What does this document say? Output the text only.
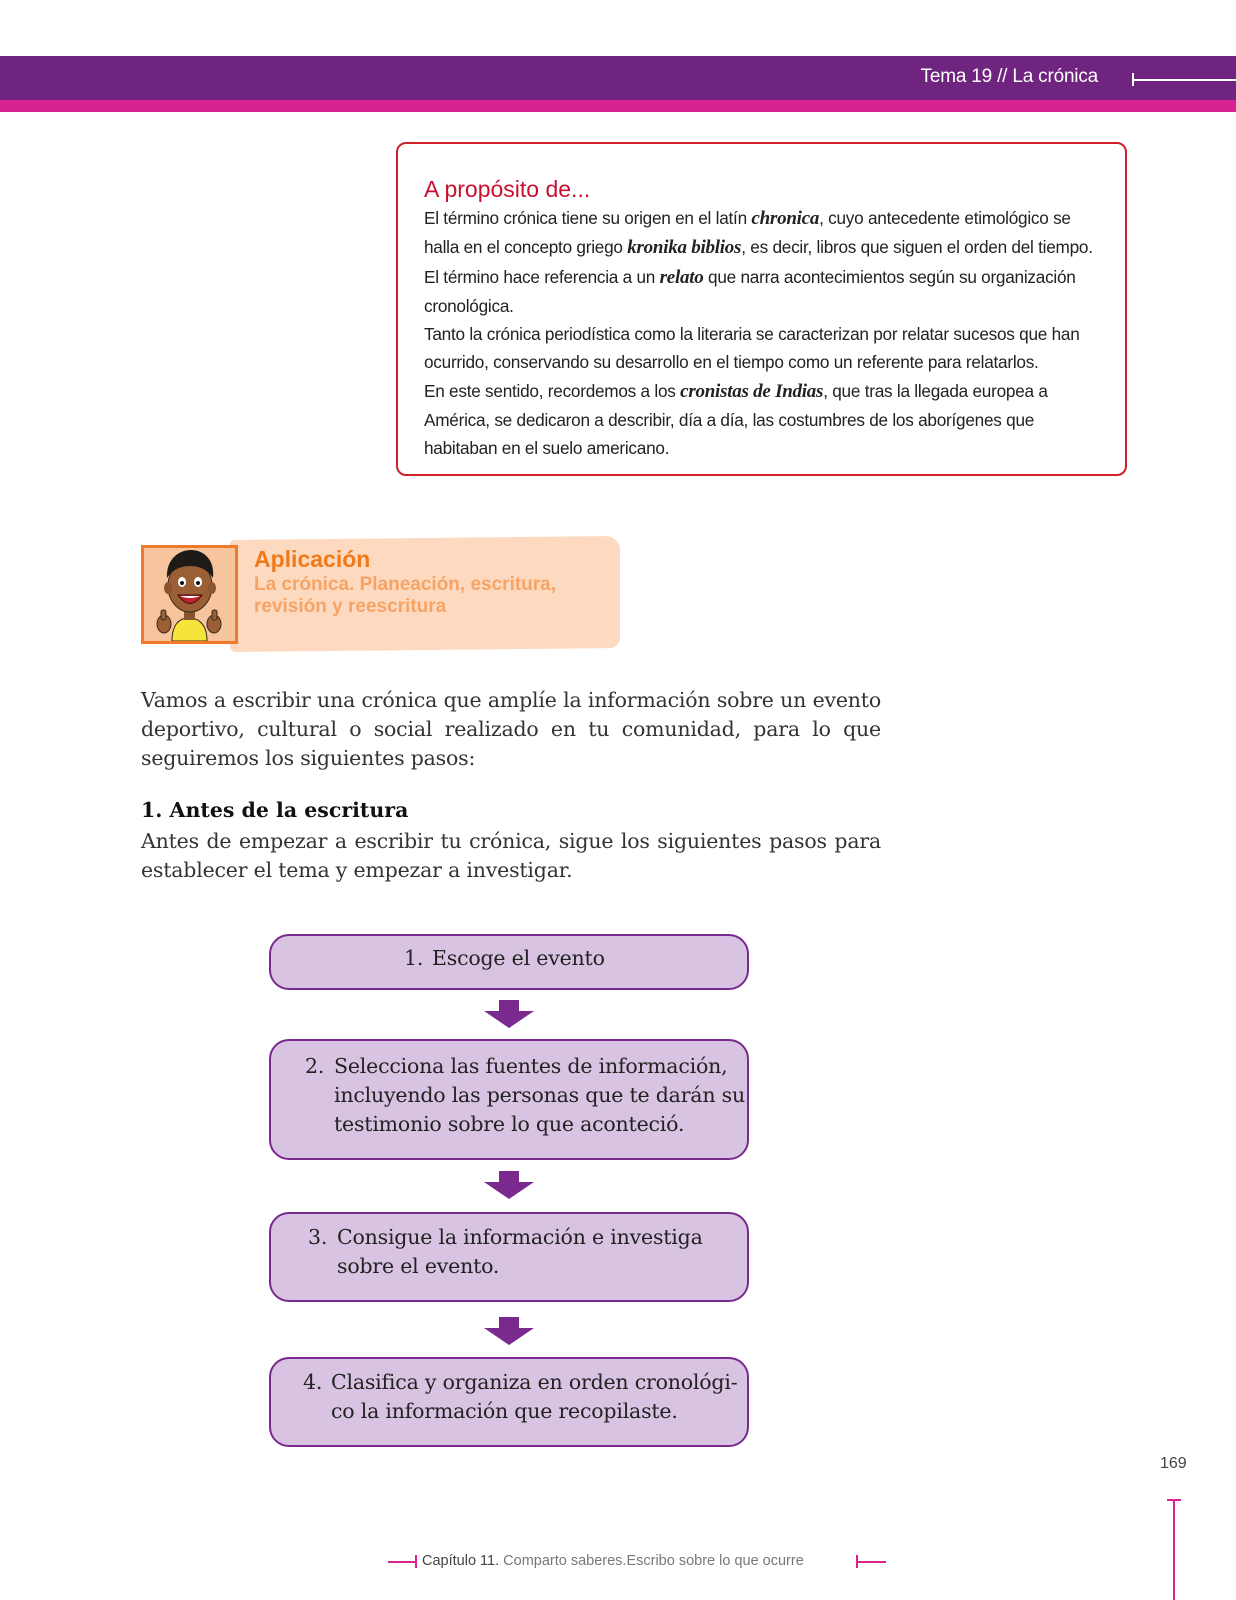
Tema 19 // La crónica
A propósito de...

El término crónica tiene su origen en el latín chronica, cuyo antecedente etimológico se halla en el concepto griego kronika biblios, es decir, libros que siguen el orden del tiempo. El término hace referencia a un relato que narra acontecimientos según su organización cronológica.

Tanto la crónica periodística como la literaria se caracterizan por relatar sucesos que han ocurrido, conservando su desarrollo en el tiempo como un referente para relatarlos.

En este sentido, recordemos a los cronistas de Indias, que tras la llegada europea a América, se dedicaron a describir, día a día, las costumbres de los aborígenes que habitaban en el suelo americano.

Aplicación
La crónica. Planeación, escritura,
revisión y reescritura
Vamos a escribir una crónica que amplíe la información sobre un evento deportivo, cultural o social realizado en tu comunidad, para lo que seguiremos los siguientes pasos:
1. Antes de la escritura
Antes de empezar a escribir tu crónica, sigue los siguientes pasos para establecer el tema y empezar a investigar.
1. Escoge el evento
2. Selecciona las fuentes de información,
incluyendo las personas que te darán su
testimonio sobre lo que aconteció.
3. Consigue la información e investiga
sobre el evento.
4. Clasifica y organiza en orden cronológi-
co la información que recopilaste.
169
Capítulo 11. Comparto saberes.Escribo sobre lo que ocurre
